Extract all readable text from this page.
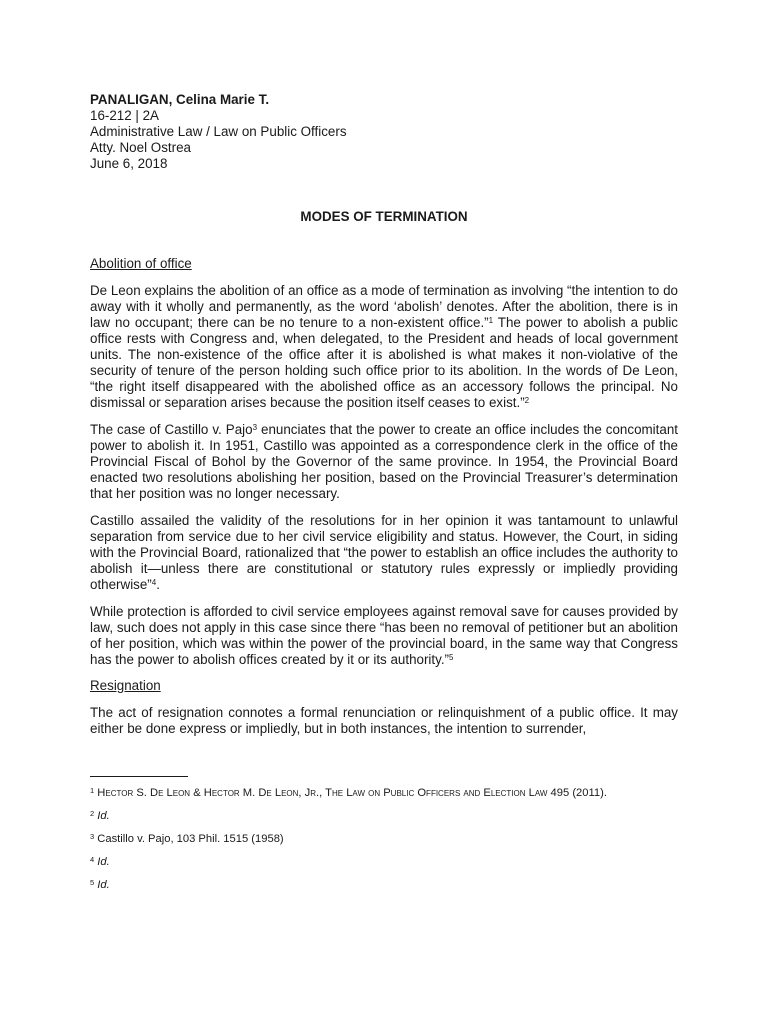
PANALIGAN, Celina Marie T.
16-212 | 2A
Administrative Law / Law on Public Officers
Atty. Noel Ostrea
June 6, 2018
MODES OF TERMINATION
Abolition of office
De Leon explains the abolition of an office as a mode of termination as involving “the intention to do away with it wholly and permanently, as the word ‘abolish’ denotes. After the abolition, there is in law no occupant; there can be no tenure to a non-existent office.”$^1$ The power to abolish a public office rests with Congress and, when delegated, to the President and heads of local government units. The non-existence of the office after it is abolished is what makes it non-violative of the security of tenure of the person holding such office prior to its abolition. In the words of De Leon, “the right itself disappeared with the abolished office as an accessory follows the principal. No dismissal or separation arises because the position itself ceases to exist.”$^2$
The case of Castillo v. Pajo$^3$ enunciates that the power to create an office includes the concomitant power to abolish it. In 1951, Castillo was appointed as a correspondence clerk in the office of the Provincial Fiscal of Bohol by the Governor of the same province. In 1954, the Provincial Board enacted two resolutions abolishing her position, based on the Provincial Treasurer’s determination that her position was no longer necessary.
Castillo assailed the validity of the resolutions for in her opinion it was tantamount to unlawful separation from service due to her civil service eligibility and status. However, the Court, in siding with the Provincial Board, rationalized that “the power to establish an office includes the authority to abolish it—unless there are constitutional or statutory rules expressly or impliedly providing otherwise”$^4$.
While protection is afforded to civil service employees against removal save for causes provided by law, such does not apply in this case since there “has been no removal of petitioner but an abolition of her position, which was within the power of the provincial board, in the same way that Congress has the power to abolish offices created by it or its authority.”$^5$
Resignation
The act of resignation connotes a formal renunciation or relinquishment of a public office. It may either be done express or impliedly, but in both instances, the intention to surrender,
$^1$ Hector S. De Leon & Hector M. De Leon, Jr., The Law on Public Officers and Election Law 495 (2011).
$^2$ Id.
$^3$ Castillo v. Pajo, 103 Phil. 1515 (1958)
$^4$ Id.
$^5$ Id.
